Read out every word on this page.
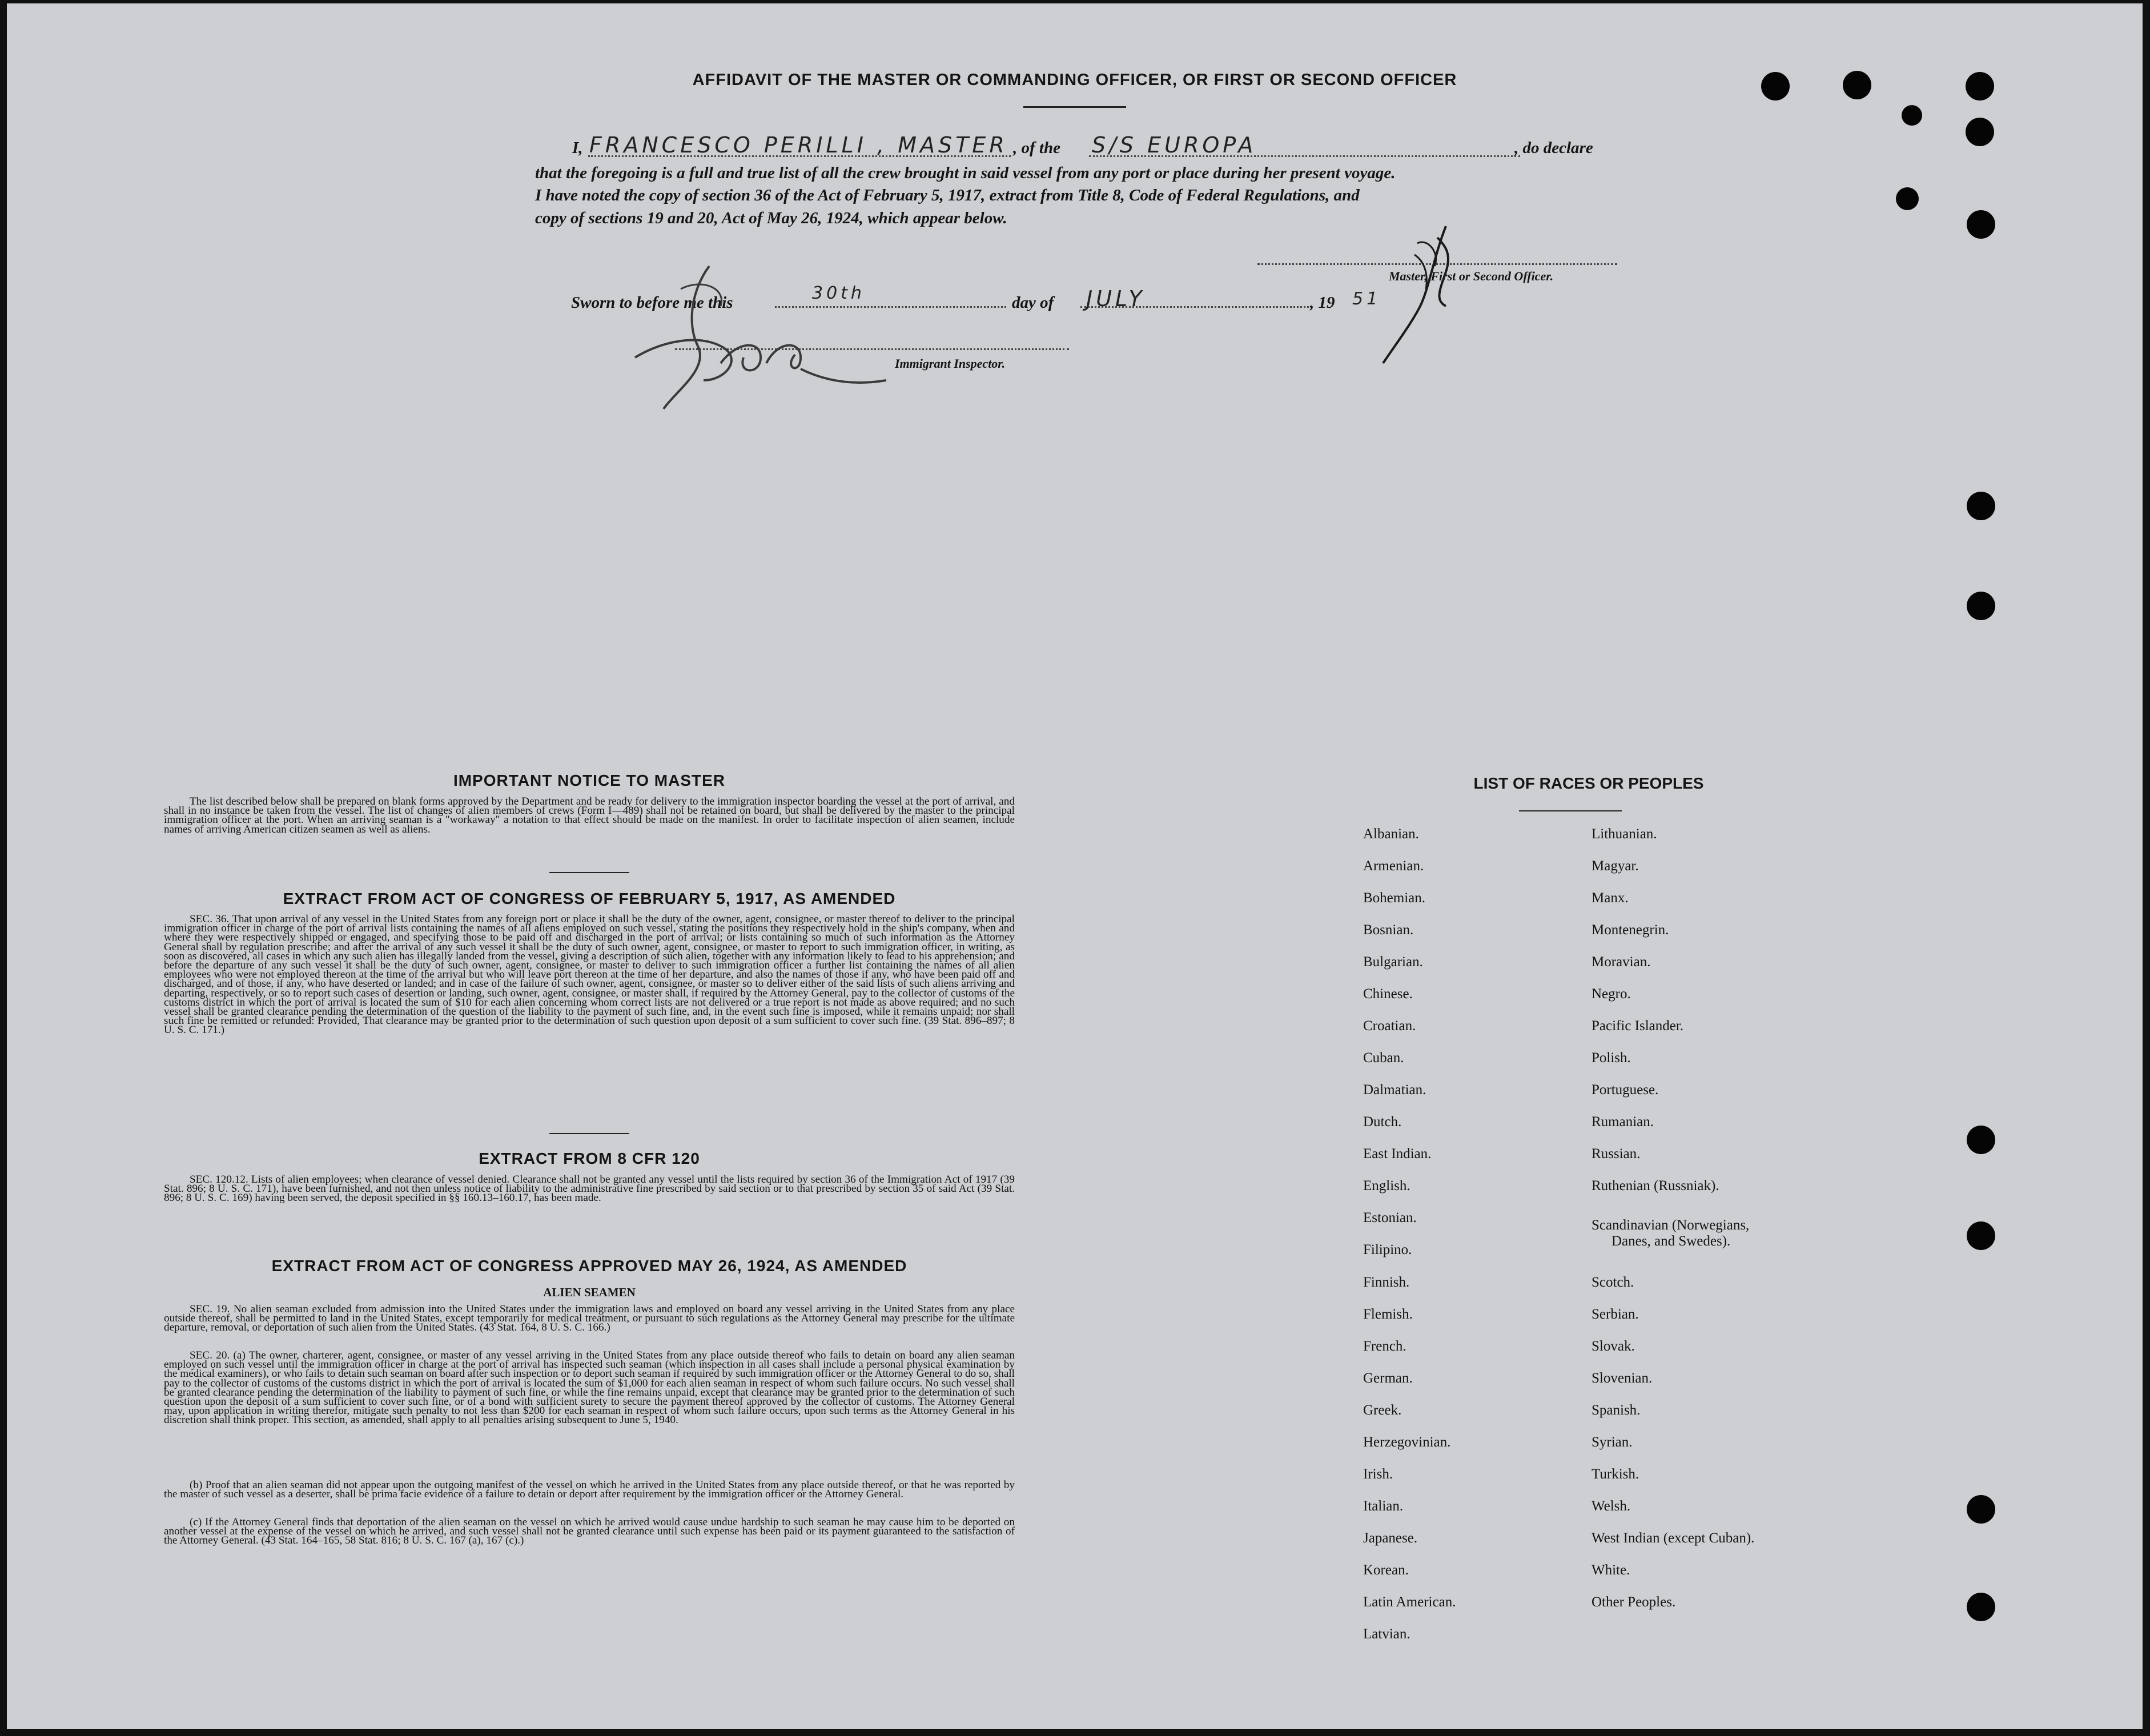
AFFIDAVIT OF THE MASTER OR COMMANDING OFFICER, OR FIRST OR SECOND OFFICER
I, FRANCESCO PERILLI , MASTER , of the S/S EUROPA	, do declare
that the foregoing is a full and true list of all the crew brought in said vessel from any port or place during her present voyage.
I have noted the copy of section 36 of the Act of February 5, 1917, extract from Title 8, Code of Federal Regulations, and
copy of sections 19 and 20, Act of May 26, 1924, which appear below.
Master, First or Second Officer.
Sworn to before me this	30th	day of JULY	, 19 51
Immigrant Inspector.
IMPORTANT NOTICE TO MASTER
The list described below shall be prepared on blank forms approved by the Department and be ready for delivery to the immigration inspector boarding the vessel at the port of arrival, and shall in no instance be taken from the vessel. The list of changes of alien members of crews (Form I—489) shall not be retained on board, but shall be delivered by the master to the principal immigration officer at the port. When an arriving seaman is a "workaway" a notation to that effect should be made on the manifest. In order to facilitate inspection of alien seamen, include names of arriving American citizen seamen as well as aliens.
EXTRACT FROM ACT OF CONGRESS OF FEBRUARY 5, 1917, AS AMENDED
SEC. 36. That upon arrival of any vessel in the United States from any foreign port or place it shall be the duty of the owner, agent, consignee, or master thereof to deliver to the principal immigration officer in charge of the port of arrival lists containing the names of all aliens employed on such vessel, stating the positions they respectively hold in the ship's company, when and where they were respectively shipped or engaged, and specifying those to be paid off and discharged in the port of arrival; or lists containing so much of such information as the Attorney General shall by regulation prescribe; and after the arrival of any such vessel it shall be the duty of such owner, agent, consignee, or master to report to such immigration officer, in writing, as soon as discovered, all cases in which any such alien has illegally landed from the vessel, giving a description of such alien, together with any information likely to lead to his apprehension; and before the departure of any such vessel it shall be the duty of such owner, agent, consignee, or master to deliver to such immigration officer a further list containing the names of all alien employees who were not employed thereon at the time of the arrival but who will leave port thereon at the time of her departure, and also the names of those if any, who have been paid off and discharged, and of those, if any, who have deserted or landed; and in case of the failure of such owner, agent, consignee, or master so to deliver either of the said lists of such aliens arriving and departing, respectively, or so to report such cases of desertion or landing, such owner, agent, consignee, or master shall, if required by the Attorney General, pay to the collector of customs of the customs district in which the port of arrival is located the sum of $10 for each alien concerning whom correct lists are not delivered or a true report is not made as above required; and no such vessel shall be granted clearance pending the determination of the question of the liability to the payment of such fine, and, in the event such fine is imposed, while it remains unpaid; nor shall such fine be remitted or refunded: Provided, That clearance may be granted prior to the determination of such question upon deposit of a sum sufficient to cover such fine. (39 Stat. 896–897; 8 U. S. C. 171.)
EXTRACT FROM 8 CFR 120
SEC. 120.12. Lists of alien employees; when clearance of vessel denied. Clearance shall not be granted any vessel until the lists required by section 36 of the Immigration Act of 1917 (39 Stat. 896; 8 U. S. C. 171), have been furnished, and not then unless notice of liability to the administrative fine prescribed by said section or to that prescribed by section 35 of said Act (39 Stat. 896; 8 U. S. C. 169) having been served, the deposit specified in §§ 160.13–160.17, has been made.
EXTRACT FROM ACT OF CONGRESS APPROVED MAY 26, 1924, AS AMENDED
ALIEN SEAMEN
SEC. 19. No alien seaman excluded from admission into the United States under the immigration laws and employed on board any vessel arriving in the United States from any place outside thereof, shall be permitted to land in the United States, except temporarily for medical treatment, or pursuant to such regulations as the Attorney General may prescribe for the ultimate departure, removal, or deportation of such alien from the United States. (43 Stat. 164, 8 U. S. C. 166.)
SEC. 20. (a) The owner, charterer, agent, consignee, or master of any vessel arriving in the United States from any place outside thereof who fails to detain on board any alien seaman employed on such vessel until the immigration officer in charge at the port of arrival has inspected such seaman (which inspection in all cases shall include a personal physical examination by the medical examiners), or who fails to detain such seaman on board after such inspection or to deport such seaman if required by such immigration officer or the Attorney General to do so, shall pay to the collector of customs of the customs district in which the port of arrival is located the sum of $1,000 for each alien seaman in respect of whom such failure occurs. No such vessel shall be granted clearance pending the determination of the liability to payment of such fine, or while the fine remains unpaid, except that clearance may be granted prior to the determination of such question upon the deposit of a sum sufficient to cover such fine, or of a bond with sufficient surety to secure the payment thereof approved by the collector of customs. The Attorney General may, upon application in writing therefor, mitigate such penalty to not less than $200 for each seaman in respect of whom such failure occurs, upon such terms as the Attorney General in his discretion shall think proper. This section, as amended, shall apply to all penalties arising subsequent to June 5, 1940.
(b) Proof that an alien seaman did not appear upon the outgoing manifest of the vessel on which he arrived in the United States from any place outside thereof, or that he was reported by the master of such vessel as a deserter, shall be prima facie evidence of a failure to detain or deport after requirement by the immigration officer or the Attorney General.
(c) If the Attorney General finds that deportation of the alien seaman on the vessel on which he arrived would cause undue hardship to such seaman he may cause him to be deported on another vessel at the expense of the vessel on which he arrived, and such vessel shall not be granted clearance until such expense has been paid or its payment guaranteed to the satisfaction of the Attorney General. (43 Stat. 164–165, 58 Stat. 816; 8 U. S. C. 167 (a), 167 (c).)
LIST OF RACES OR PEOPLES
Albanian.
Armenian.
Bohemian.
Bosnian.
Bulgarian.
Chinese.
Croatian.
Cuban.
Dalmatian.
Dutch.
East Indian.
English.
Estonian.
Filipino.
Finnish.
Flemish.
French.
German.
Greek.
Herzegovinian.
Irish.
Italian.
Japanese.
Korean.
Latin American.
Latvian.
Lithuanian.
Magyar.
Manx.
Montenegrin.
Moravian.
Negro.
Pacific Islander.
Polish.
Portuguese.
Rumanian.
Russian.
Ruthenian (Russniak).
Scandinavian (Norwegians,
Danes, and Swedes).
Scotch.
Serbian.
Slovak.
Slovenian.
Spanish.
Syrian.
Turkish.
Welsh.
West Indian (except Cuban).
White.
Other Peoples.
